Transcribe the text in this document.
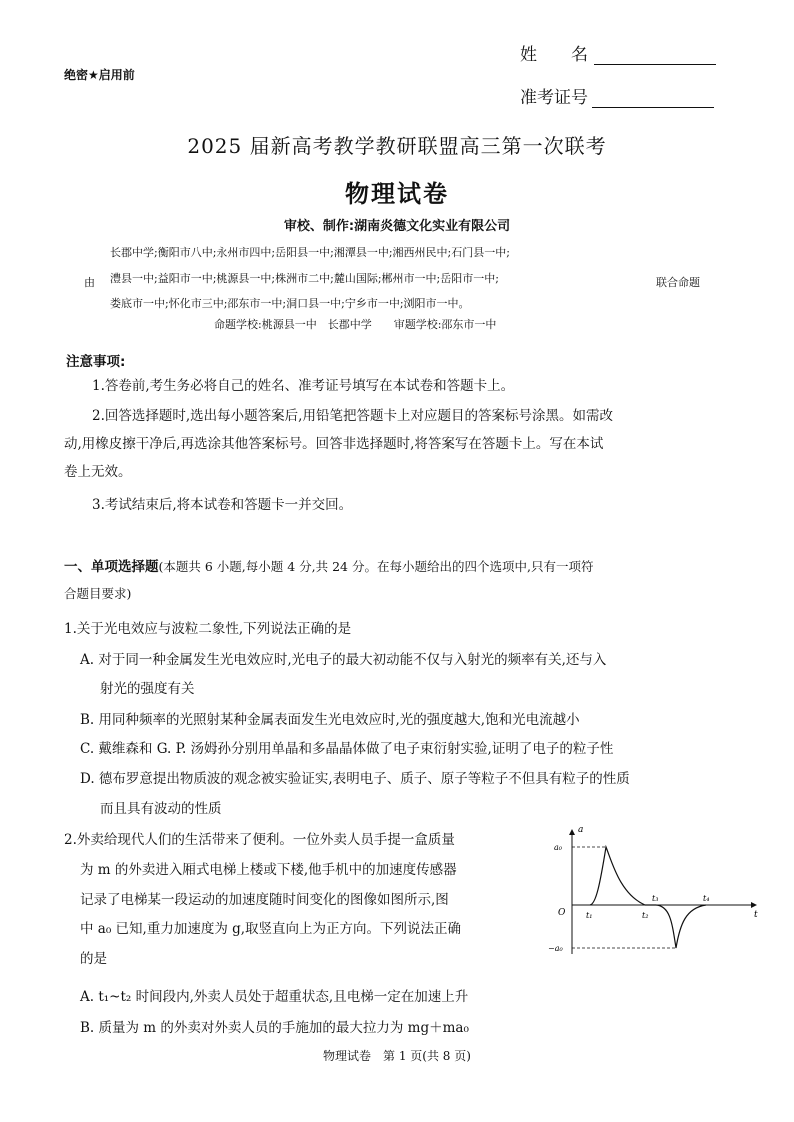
绝密★启用前
姓　　名
准考证号
2025 届新高考教学教研联盟高三第一次联考
物理试卷
审校、制作:湖南炎德文化实业有限公司
由
长郡中学;衡阳市八中;永州市四中;岳阳县一中;湘潭县一中;湘西州民中;石门县一中;
澧县一中;益阳市一中;桃源县一中;株洲市二中;麓山国际;郴州市一中;岳阳市一中;
娄底市一中;怀化市三中;邵东市一中;洞口县一中;宁乡市一中;浏阳市一中。
联合命题
命题学校:桃源县一中　长郡中学　　审题学校:邵东市一中
注意事项:
1.答卷前,考生务必将自己的姓名、准考证号填写在本试卷和答题卡上。
2.回答选择题时,选出每小题答案后,用铅笔把答题卡上对应题目的答案标号涂黑。如需改
动,用橡皮擦干净后,再选涂其他答案标号。回答非选择题时,将答案写在答题卡上。写在本试
卷上无效。
3.考试结束后,将本试卷和答题卡一并交回。
一、单项选择题(本题共 6 小题,每小题 4 分,共 24 分。在每小题给出的四个选项中,只有一项符
合题目要求)
1.关于光电效应与波粒二象性,下列说法正确的是
A. 对于同一种金属发生光电效应时,光电子的最大初动能不仅与入射光的频率有关,还与入
射光的强度有关
B. 用同种频率的光照射某种金属表面发生光电效应时,光的强度越大,饱和光电流越小
C. 戴维森和 G. P. 汤姆孙分别用单晶和多晶晶体做了电子束衍射实验,证明了电子的粒子性
D. 德布罗意提出物质波的观念被实验证实,表明电子、质子、原子等粒子不但具有粒子的性质
而且具有波动的性质
2.外卖给现代人们的生活带来了便利。一位外卖人员手提一盒质量
为 m 的外卖进入厢式电梯上楼或下楼,他手机中的加速度传感器
记录了电梯某一段运动的加速度随时间变化的图像如图所示,图
中 a₀ 已知,重力加速度为 g,取竖直向上为正方向。下列说法正确
的是
A. t₁~t₂ 时间段内,外卖人员处于超重状态,且电梯一定在加速上升
B. 质量为 m 的外卖对外卖人员的手施加的最大拉力为 mg＋ma₀
a
t
O
a₀
−a₀
t₁	t₂
t₃	t₄
物理试卷　第 1 页(共 8 页)
